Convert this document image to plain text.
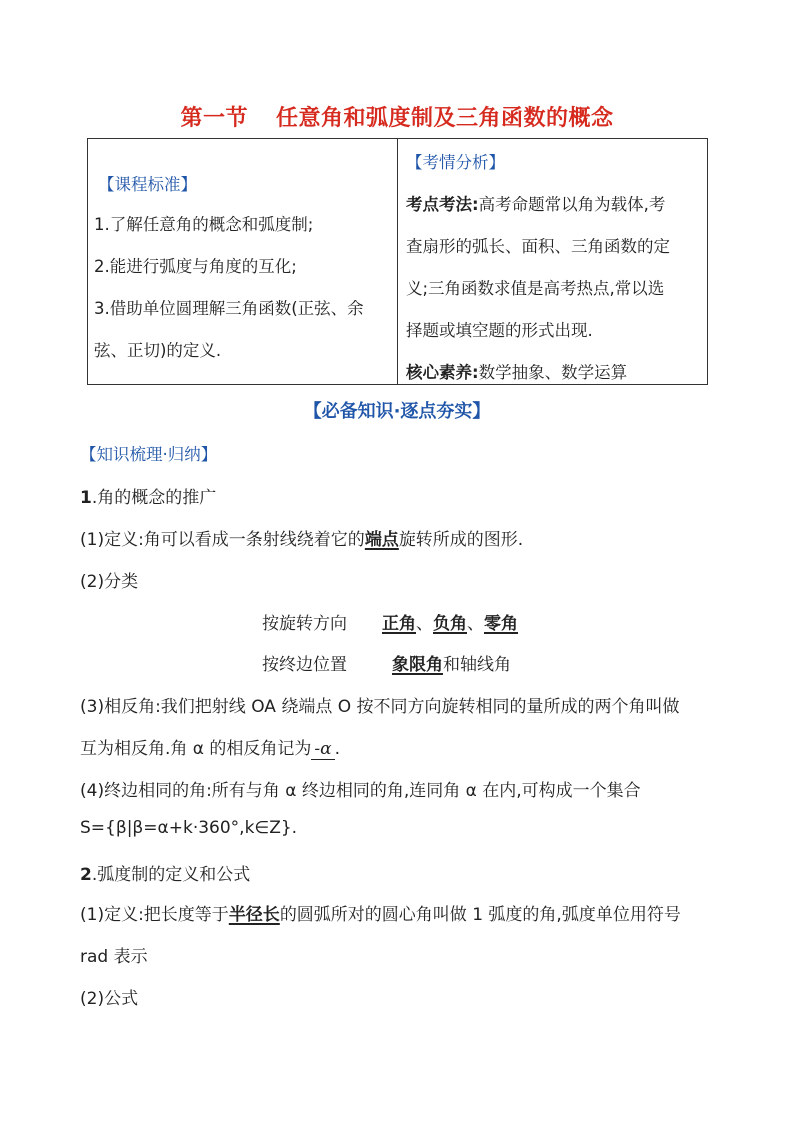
第一节 任意角和弧度制及三角函数的概念
【课程标准】
1.了解任意角的概念和弧度制;
2.能进行弧度与角度的互化;
3.借助单位圆理解三角函数(正弦、余
弦、正切)的定义.

【考情分析】
考点考法:高考命题常以角为载体,考
查扇形的弧长、面积、三角函数的定
义;三角函数求值是高考热点,常以选
择题或填空题的形式出现.
核心素养:数学抽象、数学运算
【必备知识·逐点夯实】
【知识梳理·归纳】
1.角的概念的推广
(1)定义:角可以看成一条射线绕着它的端点旋转所成的图形.
(2)分类
按旋转方向 正角、负角、零角
按终边位置	象限角和轴线角
(3)相反角:我们把射线 OA 绕端点 O 按不同方向旋转相同的量所成的两个角叫做
互为相反角.角 α 的相反角记为 -α .
(4)终边相同的角:所有与角 α 终边相同的角,连同角 α 在内,可构成一个集合
S={β|β=α+k·360°,k∈Z}.
2.弧度制的定义和公式
(1)定义:把长度等于半径长的圆弧所对的圆心角叫做 1 弧度的角,弧度单位用符号
rad 表示
(2)公式
